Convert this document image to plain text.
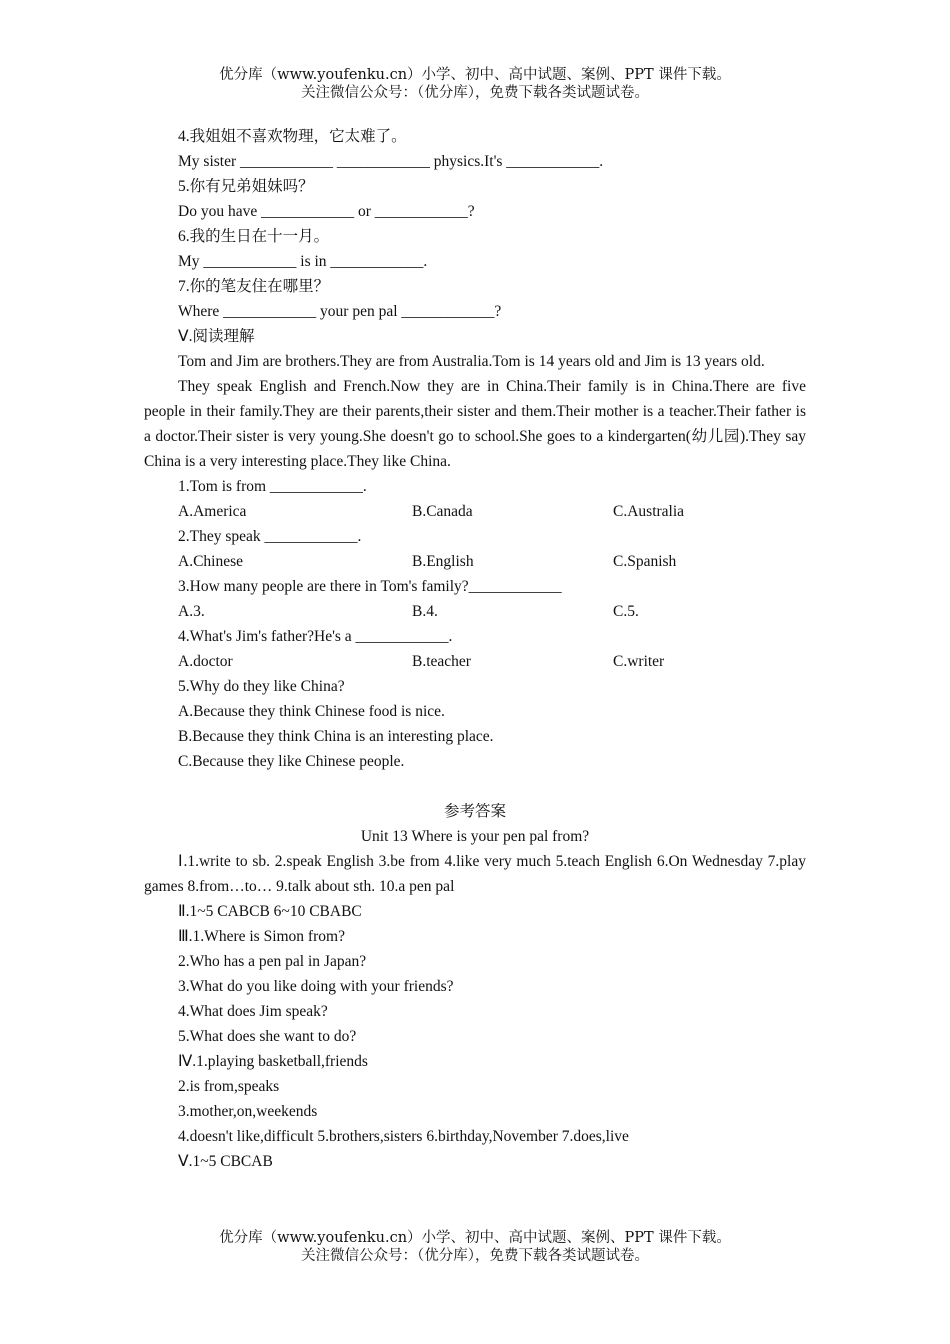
优分库（www.youfenku.cn）小学、初中、高中试题、案例、PPT 课件下载。
关注微信公众号：（优分库），免费下载各类试题试卷。
4.我姐姐不喜欢物理，它太难了。
My sister ____________ ____________ physics.It's ____________.
5.你有兄弟姐妹吗？
Do you have ____________ or ____________?
6.我的生日在十一月。
My ____________ is in ____________.
7.你的笔友住在哪里？
Where ____________ your pen pal ____________?
Ⅴ.阅读理解
Tom and Jim are brothers.They are from Australia.Tom is 14 years old and Jim is 13 years old.
They speak English and French.Now they are in China.Their family is in China.There are five people in their family.They are their parents,their sister and them.Their mother is a teacher.Their father is a doctor.Their sister is very young.She doesn't go to school.She goes to a kindergarten(幼儿园).They say China is a very interesting place.They like China.
1.Tom is from ____________.
A.America	B.Canada	C.Australia
2.They speak ____________.
A.Chinese	B.English	C.Spanish
3.How many people are there in Tom's family?____________
A.3.	B.4.	C.5.
4.What's Jim's father?He's a ____________.
A.doctor	B.teacher	C.writer
5.Why do they like China?
A.Because they think Chinese food is nice.
B.Because they think China is an interesting place.
C.Because they like Chinese people.
参考答案
Unit 13 Where is your pen pal from?
Ⅰ.1.write to sb. 2.speak English 3.be from 4.like very much 5.teach English 6.On Wednesday 7.play games 8.from…to… 9.talk about sth. 10.a pen pal
Ⅱ.1~5 CABCB 6~10 CBABC
Ⅲ.1.Where is Simon from?
2.Who has a pen pal in Japan?
3.What do you like doing with your friends?
4.What does Jim speak?
5.What does she want to do?
Ⅳ.1.playing basketball,friends
2.is from,speaks
3.mother,on,weekends
4.doesn't like,difficult 5.brothers,sisters 6.birthday,November 7.does,live
Ⅴ.1~5 CBCAB
优分库（www.youfenku.cn）小学、初中、高中试题、案例、PPT 课件下载。
关注微信公众号：（优分库），免费下载各类试题试卷。
